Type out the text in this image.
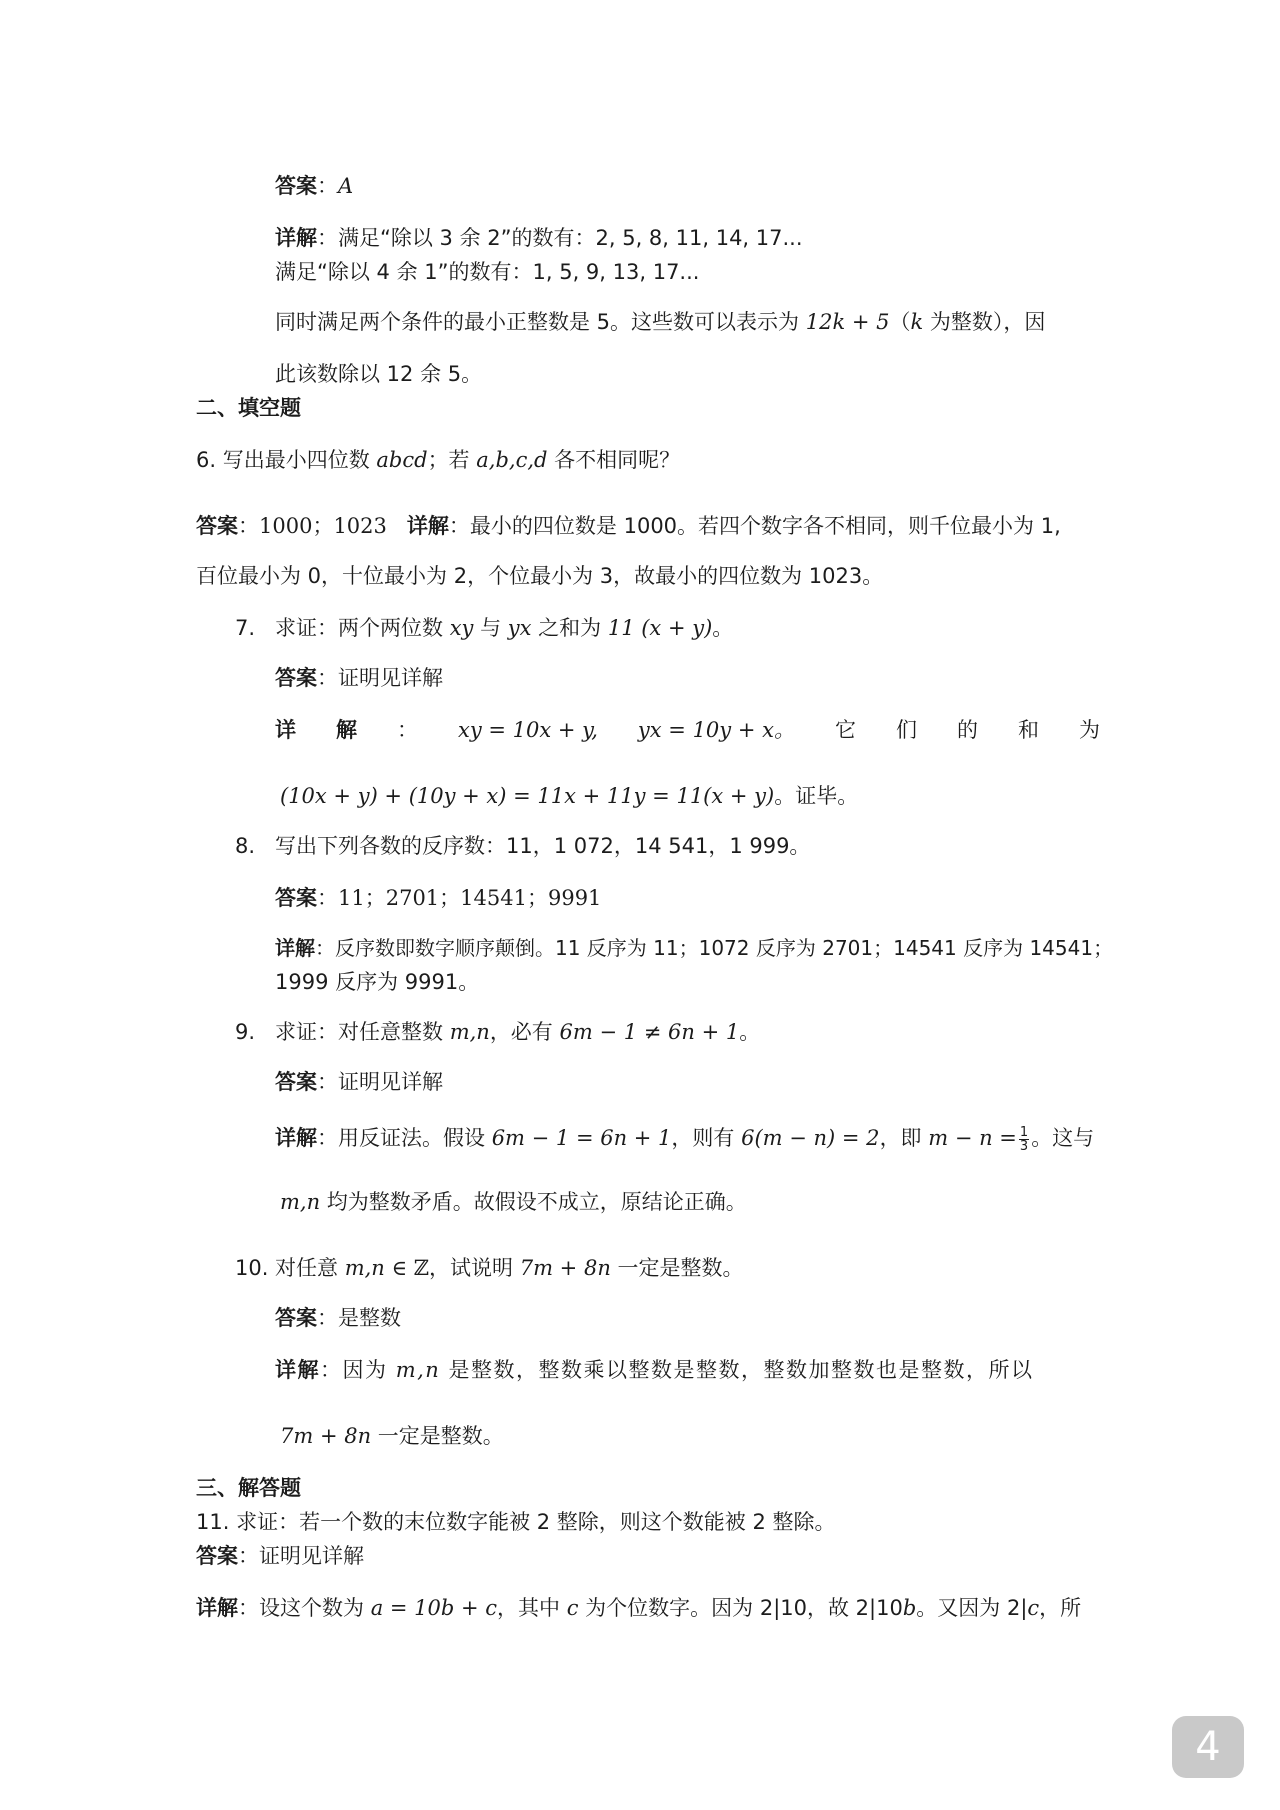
答案：A
详解：满足“除以 3 余 2”的数有：2, 5, 8, 11, 14, 17...
满足“除以 4 余 1”的数有：1, 5, 9, 13, 17...
同时满足两个条件的最小正整数是 5。这些数可以表示为 12k + 5（k 为整数），因
此该数除以 12 余 5。
二、填空题
6. 写出最小四位数 abcd；若 a,b,c,d 各不相同呢？
答案：1000；1023 详解：最小的四位数是 1000。若四个数字各不相同，则千位最小为 1,
百位最小为 0，十位最小为 2，个位最小为 3，故最小的四位数为 1023。
7. 求证：两个两位数 xy 与 yx 之和为 11 (x + y)。
答案：证明见详解
详 解 ： xy = 10x + y, yx = 10y + x。 它 们 的 和 为
(10x + y) + (10y + x) = 11x + 11y = 11(x + y)。证毕。
8. 写出下列各数的反序数：11，1 072，14 541，1 999。
答案：11；2701；14541；9991
详解：反序数即数字顺序颠倒。11 反序为 11；1072 反序为 2701；14541 反序为 14541；
1999 反序为 9991。
9. 求证：对任意整数 m,n，必有 6m − 1 ≠ 6n + 1。
答案：证明见详解
详解：用反证法。假设 6m − 1 = 6n + 1，则有 6(m − n) = 2，即 $m - n = \frac{1}{3}$ 。这与
m,n 均为整数矛盾。故假设不成立，原结论正确。
10. 对任意 m,n ∈ ℤ，试说明 7m + 8n 一定是整数。
答案：是整数
详解：因为 m,n 是整数，整数乘以整数是整数，整数加整数也是整数，所以
7m + 8n 一定是整数。
三、解答题
11. 求证：若一个数的末位数字能被 2 整除，则这个数能被 2 整除。
答案：证明见详解
详解：设这个数为 a = 10b + c，其中 c 为个位数字。因为 2|10，故 2|10b。又因为 2|c，所
4
